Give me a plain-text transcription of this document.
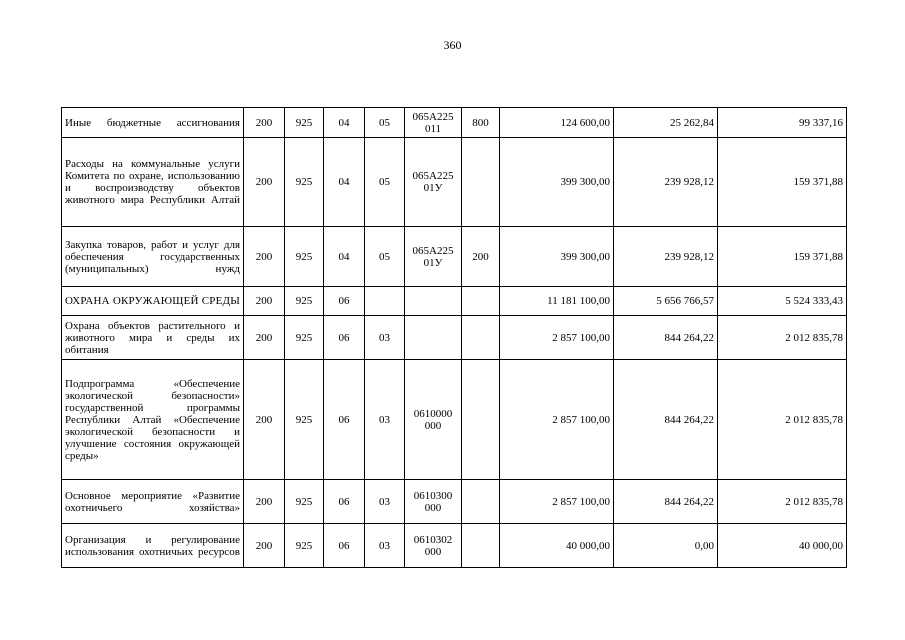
360
Иные бюджетные ассигнования	200	925	04	05	065А225 011	800	124 600,00	25 262,84	99 337,16
Расходы на коммунальные услуги Комитета по охране, использованию и воспроизводству объектов животного мира Республики Алтай	200	925	04	05	065А225 01У		399 300,00	239 928,12	159 371,88
Закупка товаров, работ и услуг для обеспечения государственных (муниципальных) нужд	200	925	04	05	065А225 01У	200	399 300,00	239 928,12	159 371,88
ОХРАНА ОКРУЖАЮЩЕЙ СРЕДЫ	200	925	06				11 181 100,00	5 656 766,57	5 524 333,43
Охрана объектов растительного и животного мира и среды их обитания	200	925	06	03			2 857 100,00	844 264,22	2 012 835,78
Подпрограмма «Обеспечение экологической безопасности» государственной программы Республики Алтай «Обеспечение экологической безопасности и улучшение состояния окружающей среды»	200	925	06	03	0610000 000		2 857 100,00	844 264,22	2 012 835,78
Основное мероприятие «Развитие охотничьего хозяйства»	200	925	06	03	0610300 000		2 857 100,00	844 264,22	2 012 835,78
Организация и регулирование использования охотничьих ресурсов	200	925	06	03	0610302 000		40 000,00	0,00	40 000,00
